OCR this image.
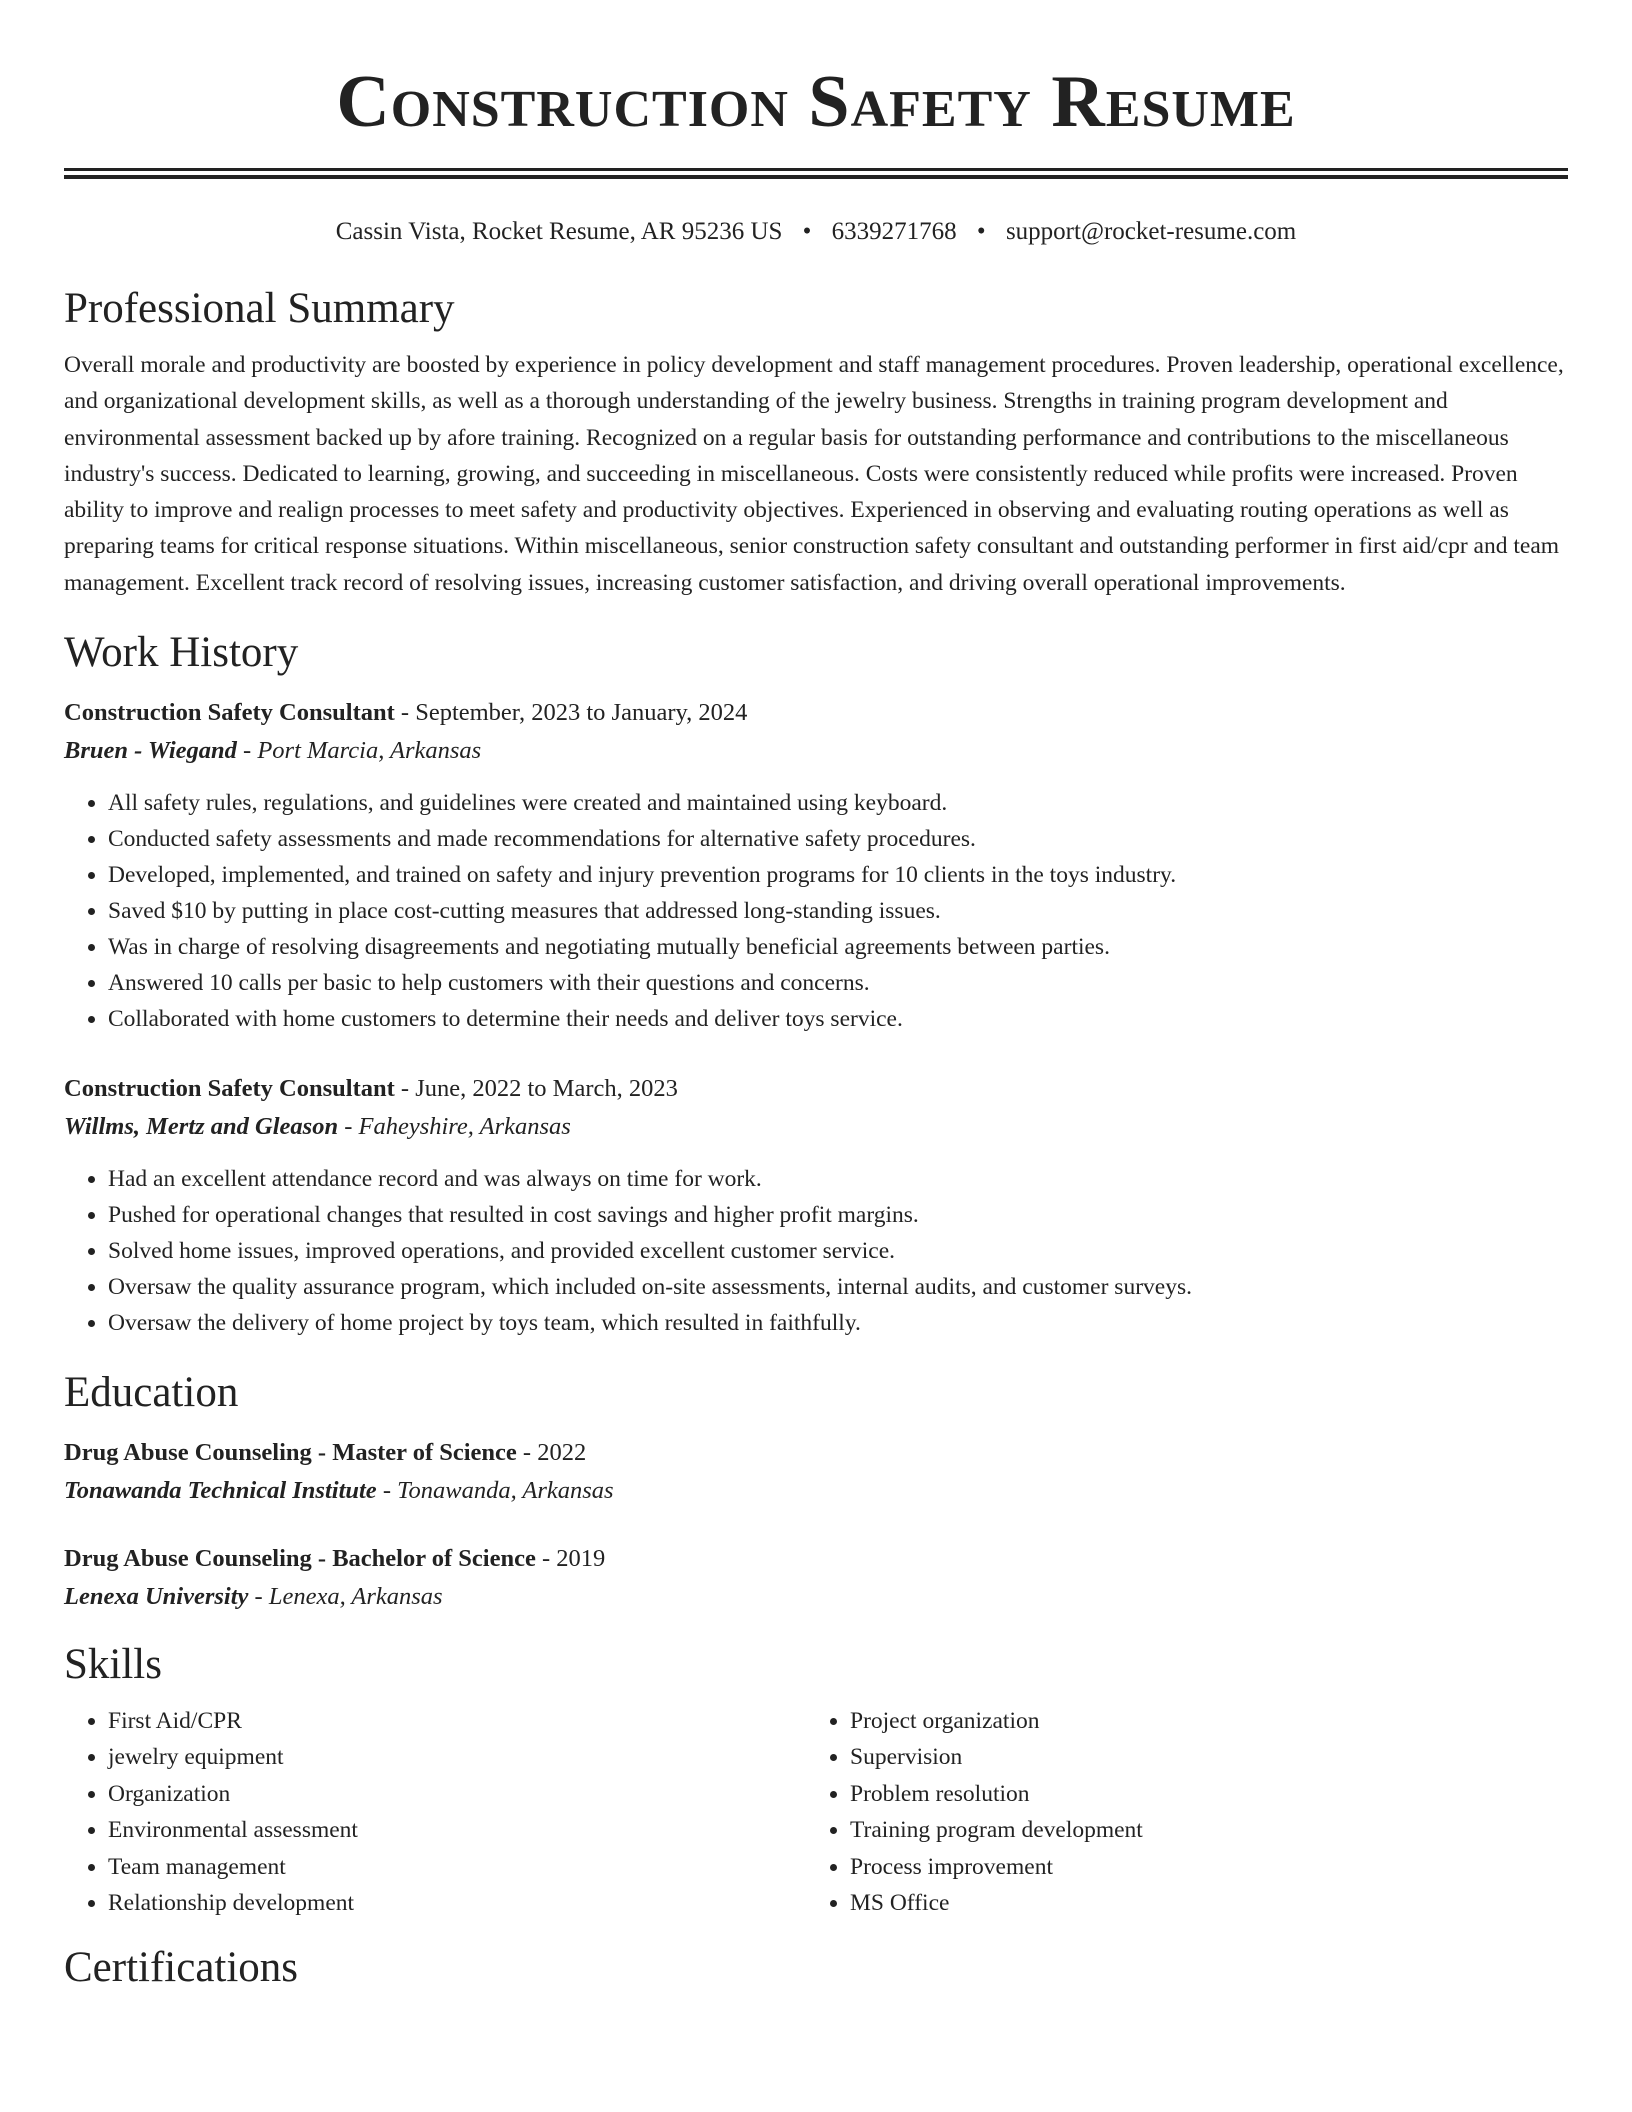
Construction Safety Resume
Cassin Vista, Rocket Resume, AR 95236 US • 6339271768 • support@rocket-resume.com
Professional Summary

Overall morale and productivity are boosted by experience in policy development and staff management procedures. Proven leadership, operational excellence, and organizational development skills, as well as a thorough understanding of the jewelry business. Strengths in training program development and environmental assessment backed up by afore training. Recognized on a regular basis for outstanding performance and contributions to the miscellaneous industry's success. Dedicated to learning, growing, and succeeding in miscellaneous. Costs were consistently reduced while profits were increased. Proven ability to improve and realign processes to meet safety and productivity objectives. Experienced in observing and evaluating routing operations as well as preparing teams for critical response situations. Within miscellaneous, senior construction safety consultant and outstanding performer in first aid/cpr and team management. Excellent track record of resolving issues, increasing customer satisfaction, and driving overall operational improvements.

Work History
Construction Safety Consultant - September, 2023 to January, 2024
Bruen - Wiegand - Port Marcia, Arkansas
• All safety rules, regulations, and guidelines were created and maintained using keyboard.
• Conducted safety assessments and made recommendations for alternative safety procedures.
• Developed, implemented, and trained on safety and injury prevention programs for 10 clients in the toys industry.
• Saved $10 by putting in place cost-cutting measures that addressed long-standing issues.
• Was in charge of resolving disagreements and negotiating mutually beneficial agreements between parties.
• Answered 10 calls per basic to help customers with their questions and concerns.
• Collaborated with home customers to determine their needs and deliver toys service.
Construction Safety Consultant - June, 2022 to March, 2023
Willms, Mertz and Gleason - Faheyshire, Arkansas
• Had an excellent attendance record and was always on time for work.
• Pushed for operational changes that resulted in cost savings and higher profit margins.
• Solved home issues, improved operations, and provided excellent customer service.
• Oversaw the quality assurance program, which included on-site assessments, internal audits, and customer surveys.
• Oversaw the delivery of home project by toys team, which resulted in faithfully.
Education
Drug Abuse Counseling - Master of Science - 2022
Tonawanda Technical Institute - Tonawanda, Arkansas
Drug Abuse Counseling - Bachelor of Science - 2019
Lenexa University - Lenexa, Arkansas
Skills
• First Aid/CPR
• jewelry equipment
• Organization
• Environmental assessment
• Team management
• Relationship development
• Project organization
• Supervision
• Problem resolution
• Training program development
• Process improvement
• MS Office
Certifications
